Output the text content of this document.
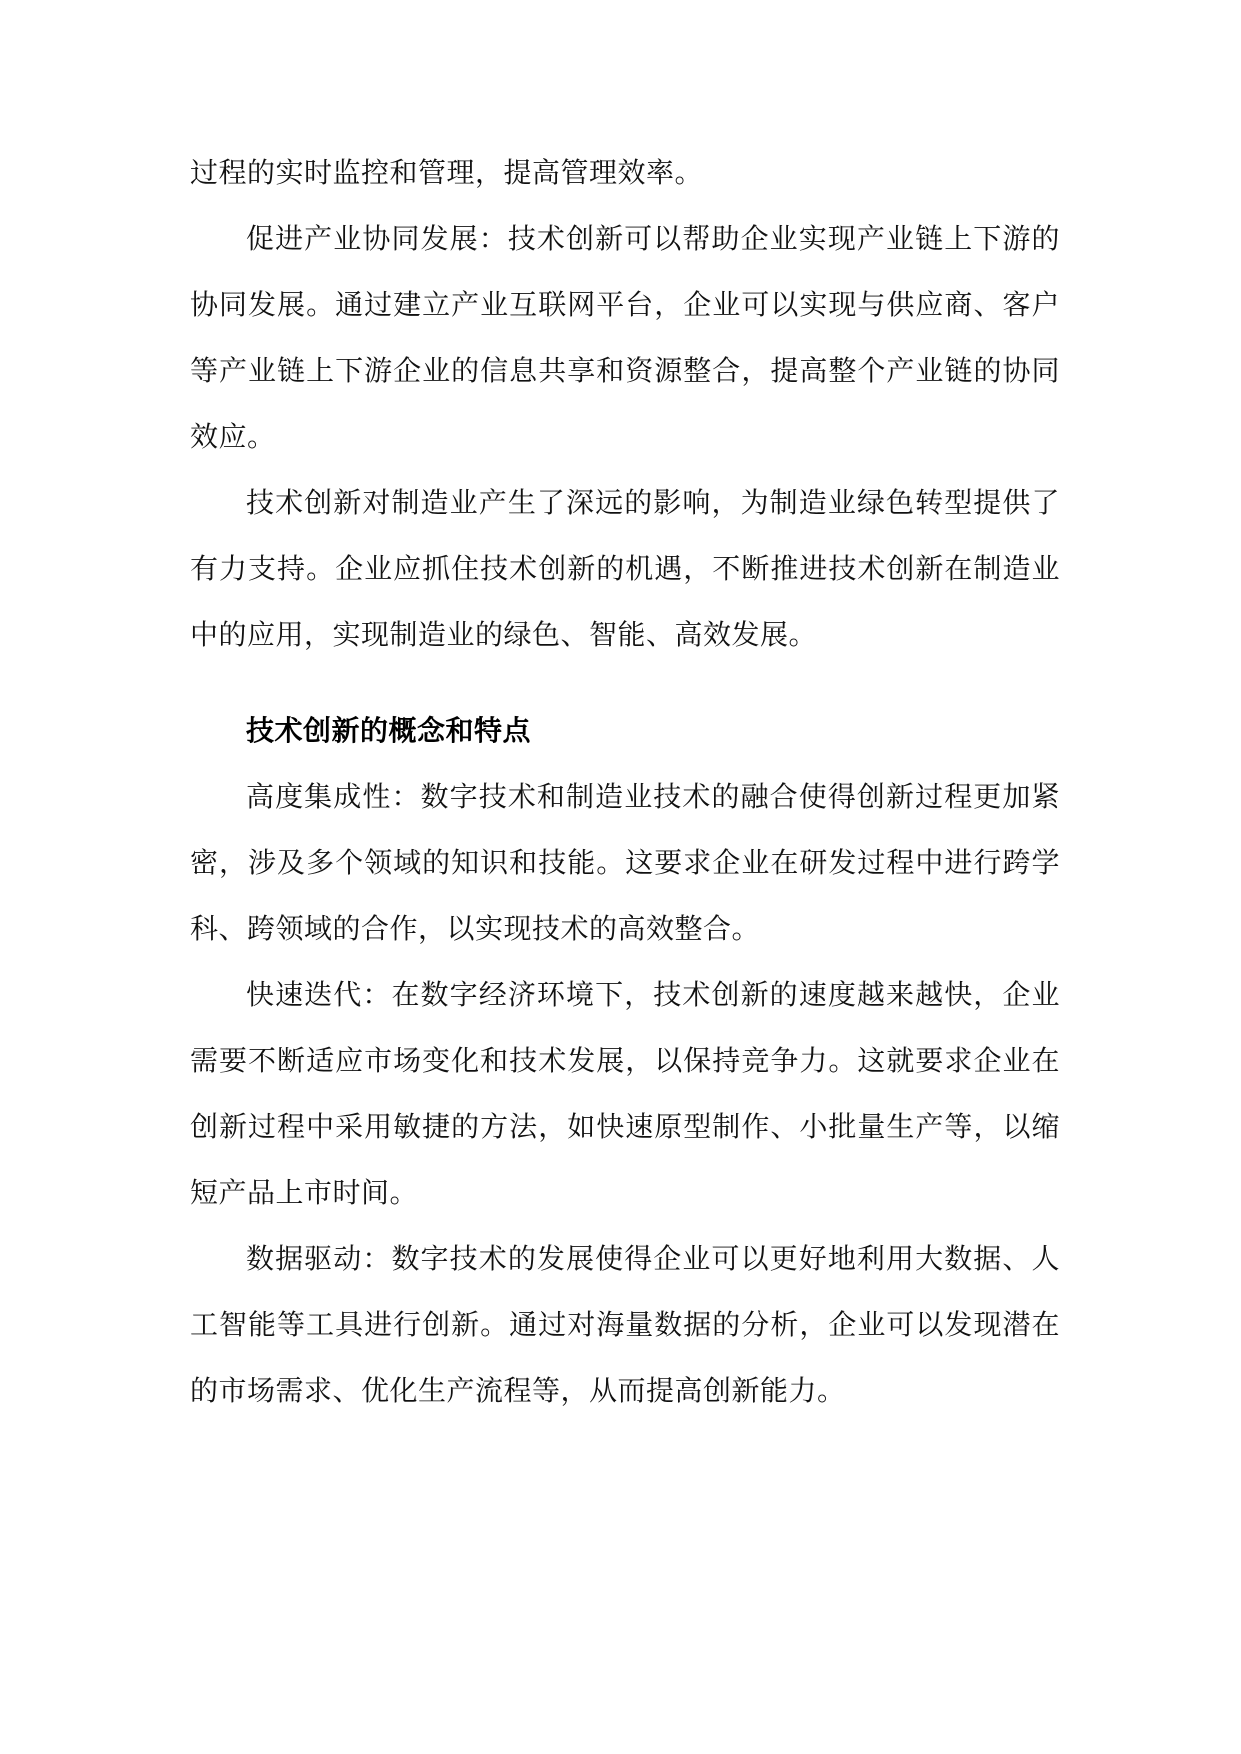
过程的实时监控和管理，提高管理效率。

促进产业协同发展：技术创新可以帮助企业实现产业链上下游的协同发展。通过建立产业互联网平台，企业可以实现与供应商、客户等产业链上下游企业的信息共享和资源整合，提高整个产业链的协同效应。

技术创新对制造业产生了深远的影响，为制造业绿色转型提供了有力支持。企业应抓住技术创新的机遇，不断推进技术创新在制造业中的应用，实现制造业的绿色、智能、高效发展。

技术创新的概念和特点

高度集成性：数字技术和制造业技术的融合使得创新过程更加紧密，涉及多个领域的知识和技能。这要求企业在研发过程中进行跨学科、跨领域的合作，以实现技术的高效整合。

快速迭代：在数字经济环境下，技术创新的速度越来越快，企业需要不断适应市场变化和技术发展，以保持竞争力。这就要求企业在创新过程中采用敏捷的方法，如快速原型制作、小批量生产等，以缩短产品上市时间。

数据驱动：数字技术的发展使得企业可以更好地利用大数据、人工智能等工具进行创新。通过对海量数据的分析，企业可以发现潜在的市场需求、优化生产流程等，从而提高创新能力。
